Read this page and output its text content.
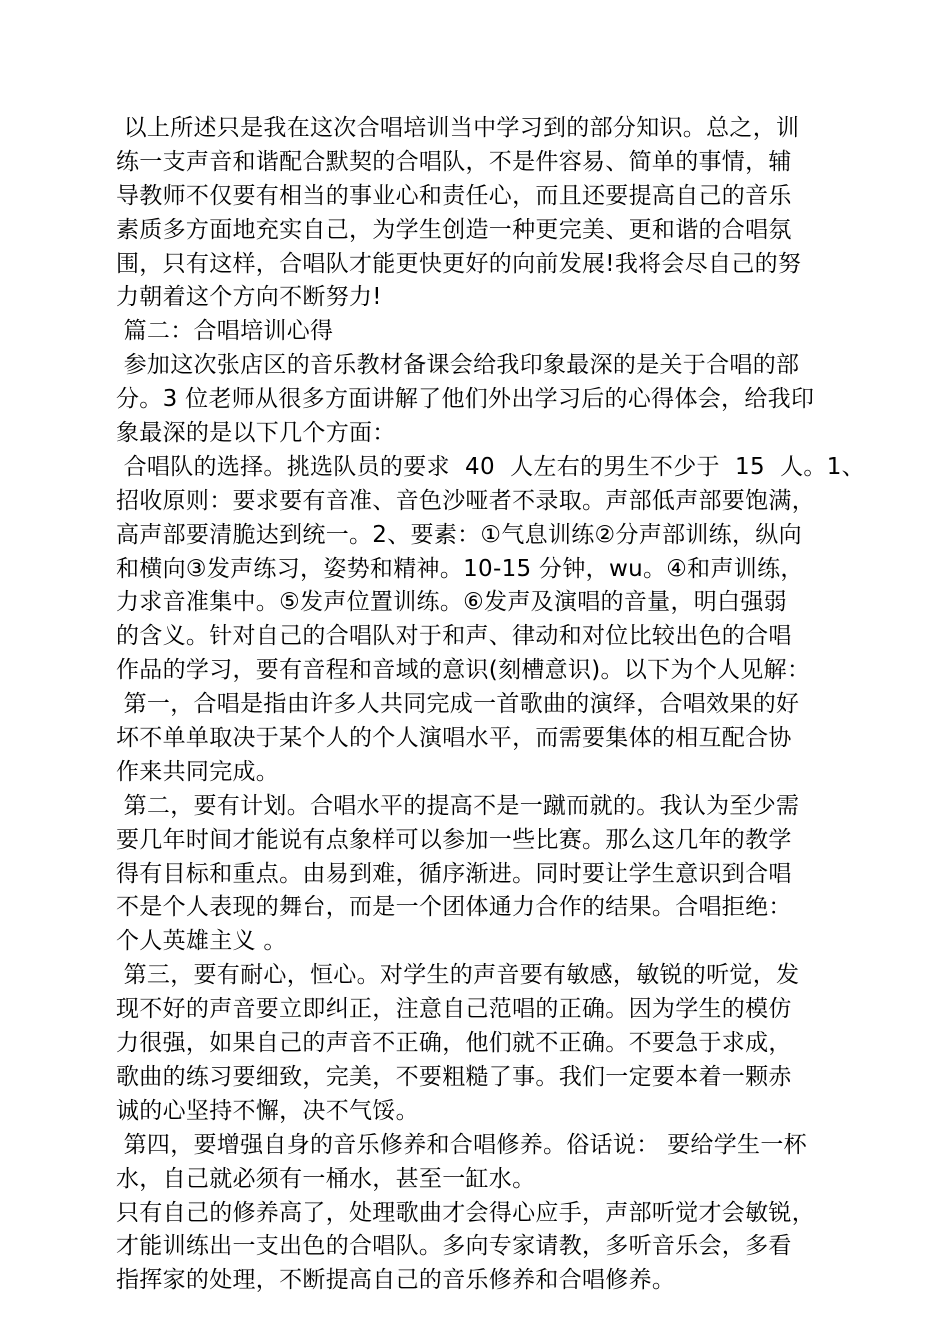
以上所述只是我在这次合唱培训当中学习到的部分知识。总之，训
练一支声音和谐配合默契的合唱队，不是件容易、简单的事情，辅
导教师不仅要有相当的事业心和责任心，而且还要提高自己的音乐
素质多方面地充实自己，为学生创造一种更完美、更和谐的合唱氛
围，只有这样，合唱队才能更快更好的向前发展!我将会尽自己的努
力朝着这个方向不断努力!
篇二：合唱培训心得
参加这次张店区的音乐教材备课会给我印象最深的是关于合唱的部
分。3 位老师从很多方面讲解了他们外出学习后的心得体会，给我印
象最深的是以下几个方面：
合唱队的选择。挑选队员的要求  40  人左右的男生不少于  15  人。1、
招收原则：要求要有音准、音色沙哑者不录取。声部低声部要饱满，
高声部要清脆达到统一。2、要素：①气息训练②分声部训练，纵向
和横向③发声练习，姿势和精神。10-15 分钟，wu。④和声训练，
力求音准集中。⑤发声位置训练。⑥发声及演唱的音量，明白强弱
的含义。针对自己的合唱队对于和声、律动和对位比较出色的合唱
作品的学习，要有音程和音域的意识(刻槽意识)。以下为个人见解：
第一，合唱是指由许多人共同完成一首歌曲的演绎，合唱效果的好
坏不单单取决于某个人的个人演唱水平，而需要集体的相互配合协
作来共同完成。
第二，要有计划。合唱水平的提高不是一蹴而就的。我认为至少需
要几年时间才能说有点象样可以参加一些比赛。那么这几年的教学
得有目标和重点。由易到难，循序渐进。同时要让学生意识到合唱
不是个人表现的舞台，而是一个团体通力合作的结果。合唱拒绝：
个人英雄主义 。
第三，要有耐心，恒心。对学生的声音要有敏感，敏锐的听觉，发
现不好的声音要立即纠正，注意自己范唱的正确。因为学生的模仿
力很强，如果自己的声音不正确，他们就不正确。不要急于求成，
歌曲的练习要细致，完美，不要粗糙了事。我们一定要本着一颗赤
诚的心坚持不懈，决不气馁。
第四，要增强自身的音乐修养和合唱修养。俗话说： 要给学生一杯
水，自己就必须有一桶水，甚至一缸水。
只有自己的修养高了，处理歌曲才会得心应手，声部听觉才会敏锐，
才能训练出一支出色的合唱队。多向专家请教，多听音乐会，多看
指挥家的处理，不断提高自己的音乐修养和合唱修养。
